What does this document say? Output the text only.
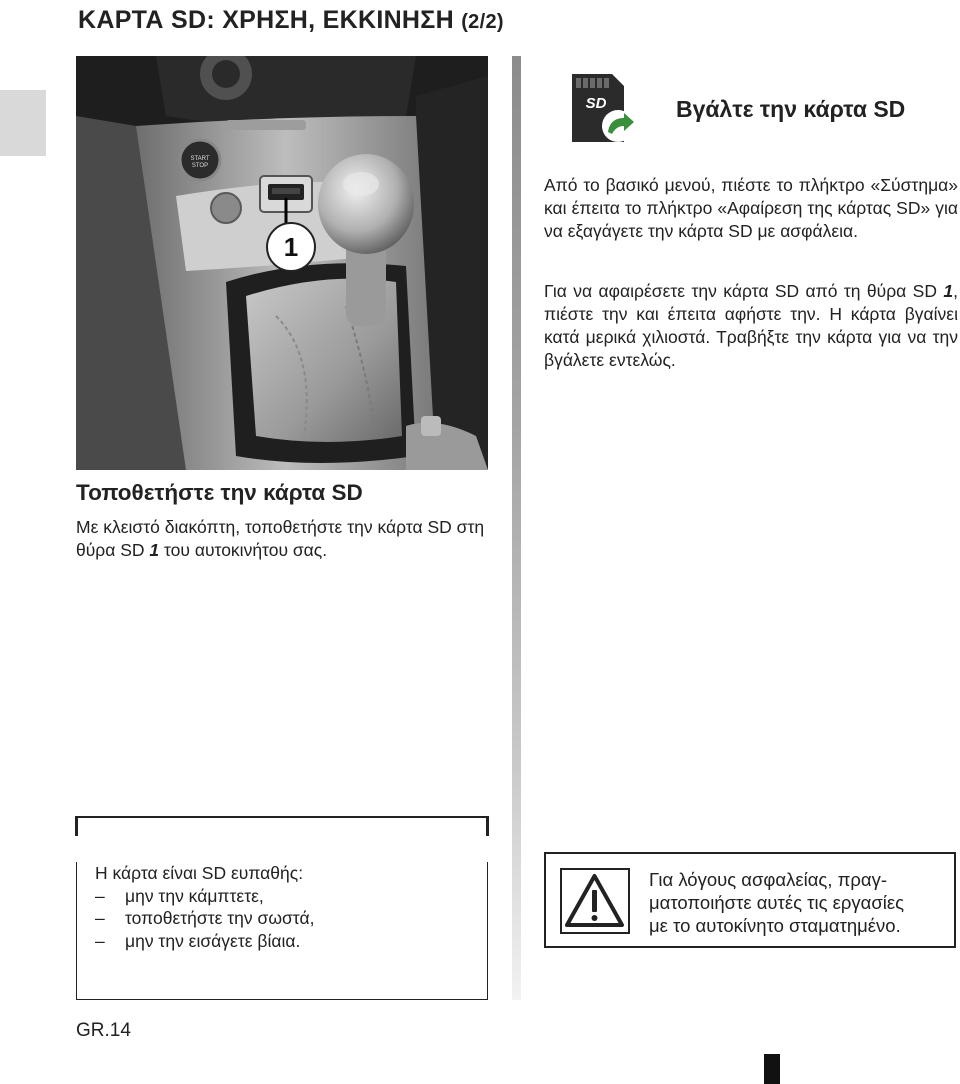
ΚΑΡΤΑ SD: ΧΡΗΣΗ, ΕΚΚΙΝΗΣΗ (2/2)
START
STOP
1
SD	Βγάλτε την κάρτα SD

Από το βασικό μενού, πιέστε το πλήκτρο «Σύστημα» και έπειτα το πλήκτρο «Αφαίρεση της κάρτας SD» για να εξαγάγετε την κάρτα SD με ασφάλεια.

Για να αφαιρέσετε την κάρτα SD από τη θύρα SD 1, πιέστε την και έπειτα αφήστε την. Η κάρτα βγαίνει κατά μερικά χιλιοστά. Τραβήξτε την κάρτα για να την βγάλετε εντελώς.

Τοποθετήστε την κάρτα SD

Με κλειστό διακόπτη, τοποθετήστε την κάρτα SD στη θύρα SD 1 του αυτοκινήτου σας.

Η κάρτα είναι SD ευπαθής:
–	μην την κάμπτετε,
–	τοποθετήστε την σωστά,
–	μην την εισάγετε βίαια.
Για λόγους ασφαλείας, πραγ-
ματοποιήστε αυτές τις εργασίες
με το αυτοκίνητο σταματημένο.
GR.14
